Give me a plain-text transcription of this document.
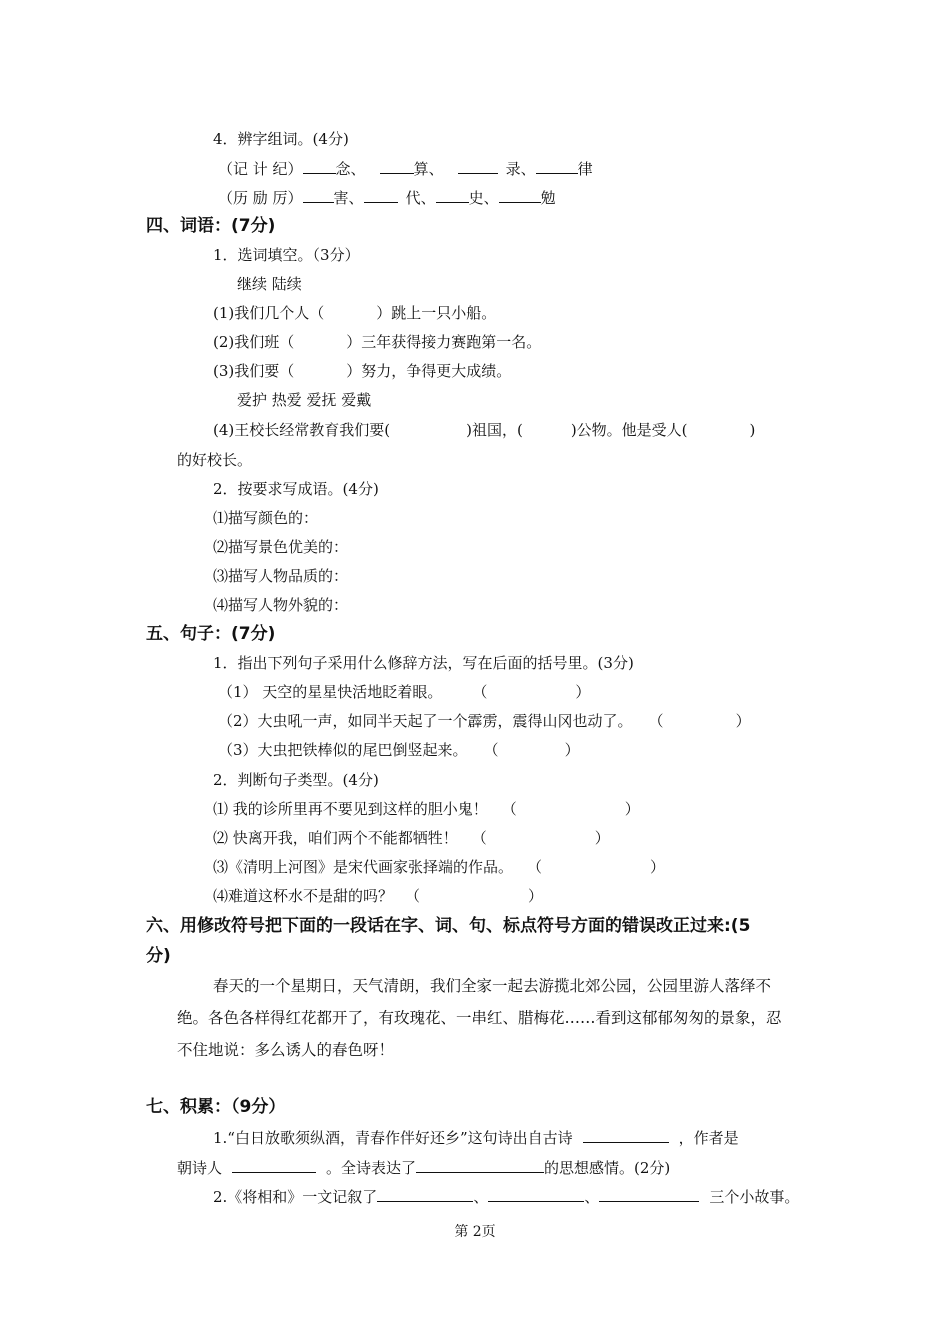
4．辨字组词。(4分)
（记 计 纪） 念、	算、	录、	律
（历 励 厉） 害、	代、 史、	勉
四、词语：(7分)
1．选词填空。（3分）
继续 陆续
(1)我们几个人（	）跳上一只小船。
(2)我们班（	）三年获得接力赛跑第一名。
(3)我们要（	）努力，争得更大成绩。
爱护 热爱 爱抚 爱戴
(4)王校长经常教育我们要(	)祖国，(	)公物。他是受人(	)
的好校长。
2．按要求写成语。(4分)
⑴描写颜色的：
⑵描写景色优美的：
⑶描写人物品质的：
⑷描写人物外貌的：
五、句子：(7分)
1．指出下列句子采用什么修辞方法，写在后面的括号里。(3分)
（1） 天空的星星快活地眨着眼。 （	）
（2）大虫吼一声，如同半天起了一个霹雳，震得山冈也动了。 （	）
（3）大虫把铁棒似的尾巴倒竖起来。 （	）
2．判断句子类型。(4分)
⑴ 我的诊所里再不要见到这样的胆小鬼！ （	）
⑵ 快离开我，咱们两个不能都牺牲！ （	）
⑶《清明上河图》是宋代画家张择端的作品。 （	）
⑷难道这杯水不是甜的吗？ （	）
六、用修改符号把下面的一段话在字、词、句、标点符号方面的错误改正过来:(5
分)
春天的一个星期日，天气清朗，我们全家一起去游揽北郊公园，公园里游人落绎不
绝。各色各样得红花都开了，有玫瑰花、一串红、腊梅花……看到这郁郁匆匆的景象，忍
不住地说：多么诱人的春色呀！
七、积累：（9分）
1.“白日放歌须纵酒，青春作伴好还乡”这句诗出自古诗	，作者是
朝诗人	。全诗表达了	的思想感情。(2分)
2.《将相和》一文记叙了	、	、	三个小故事。
第 2页
